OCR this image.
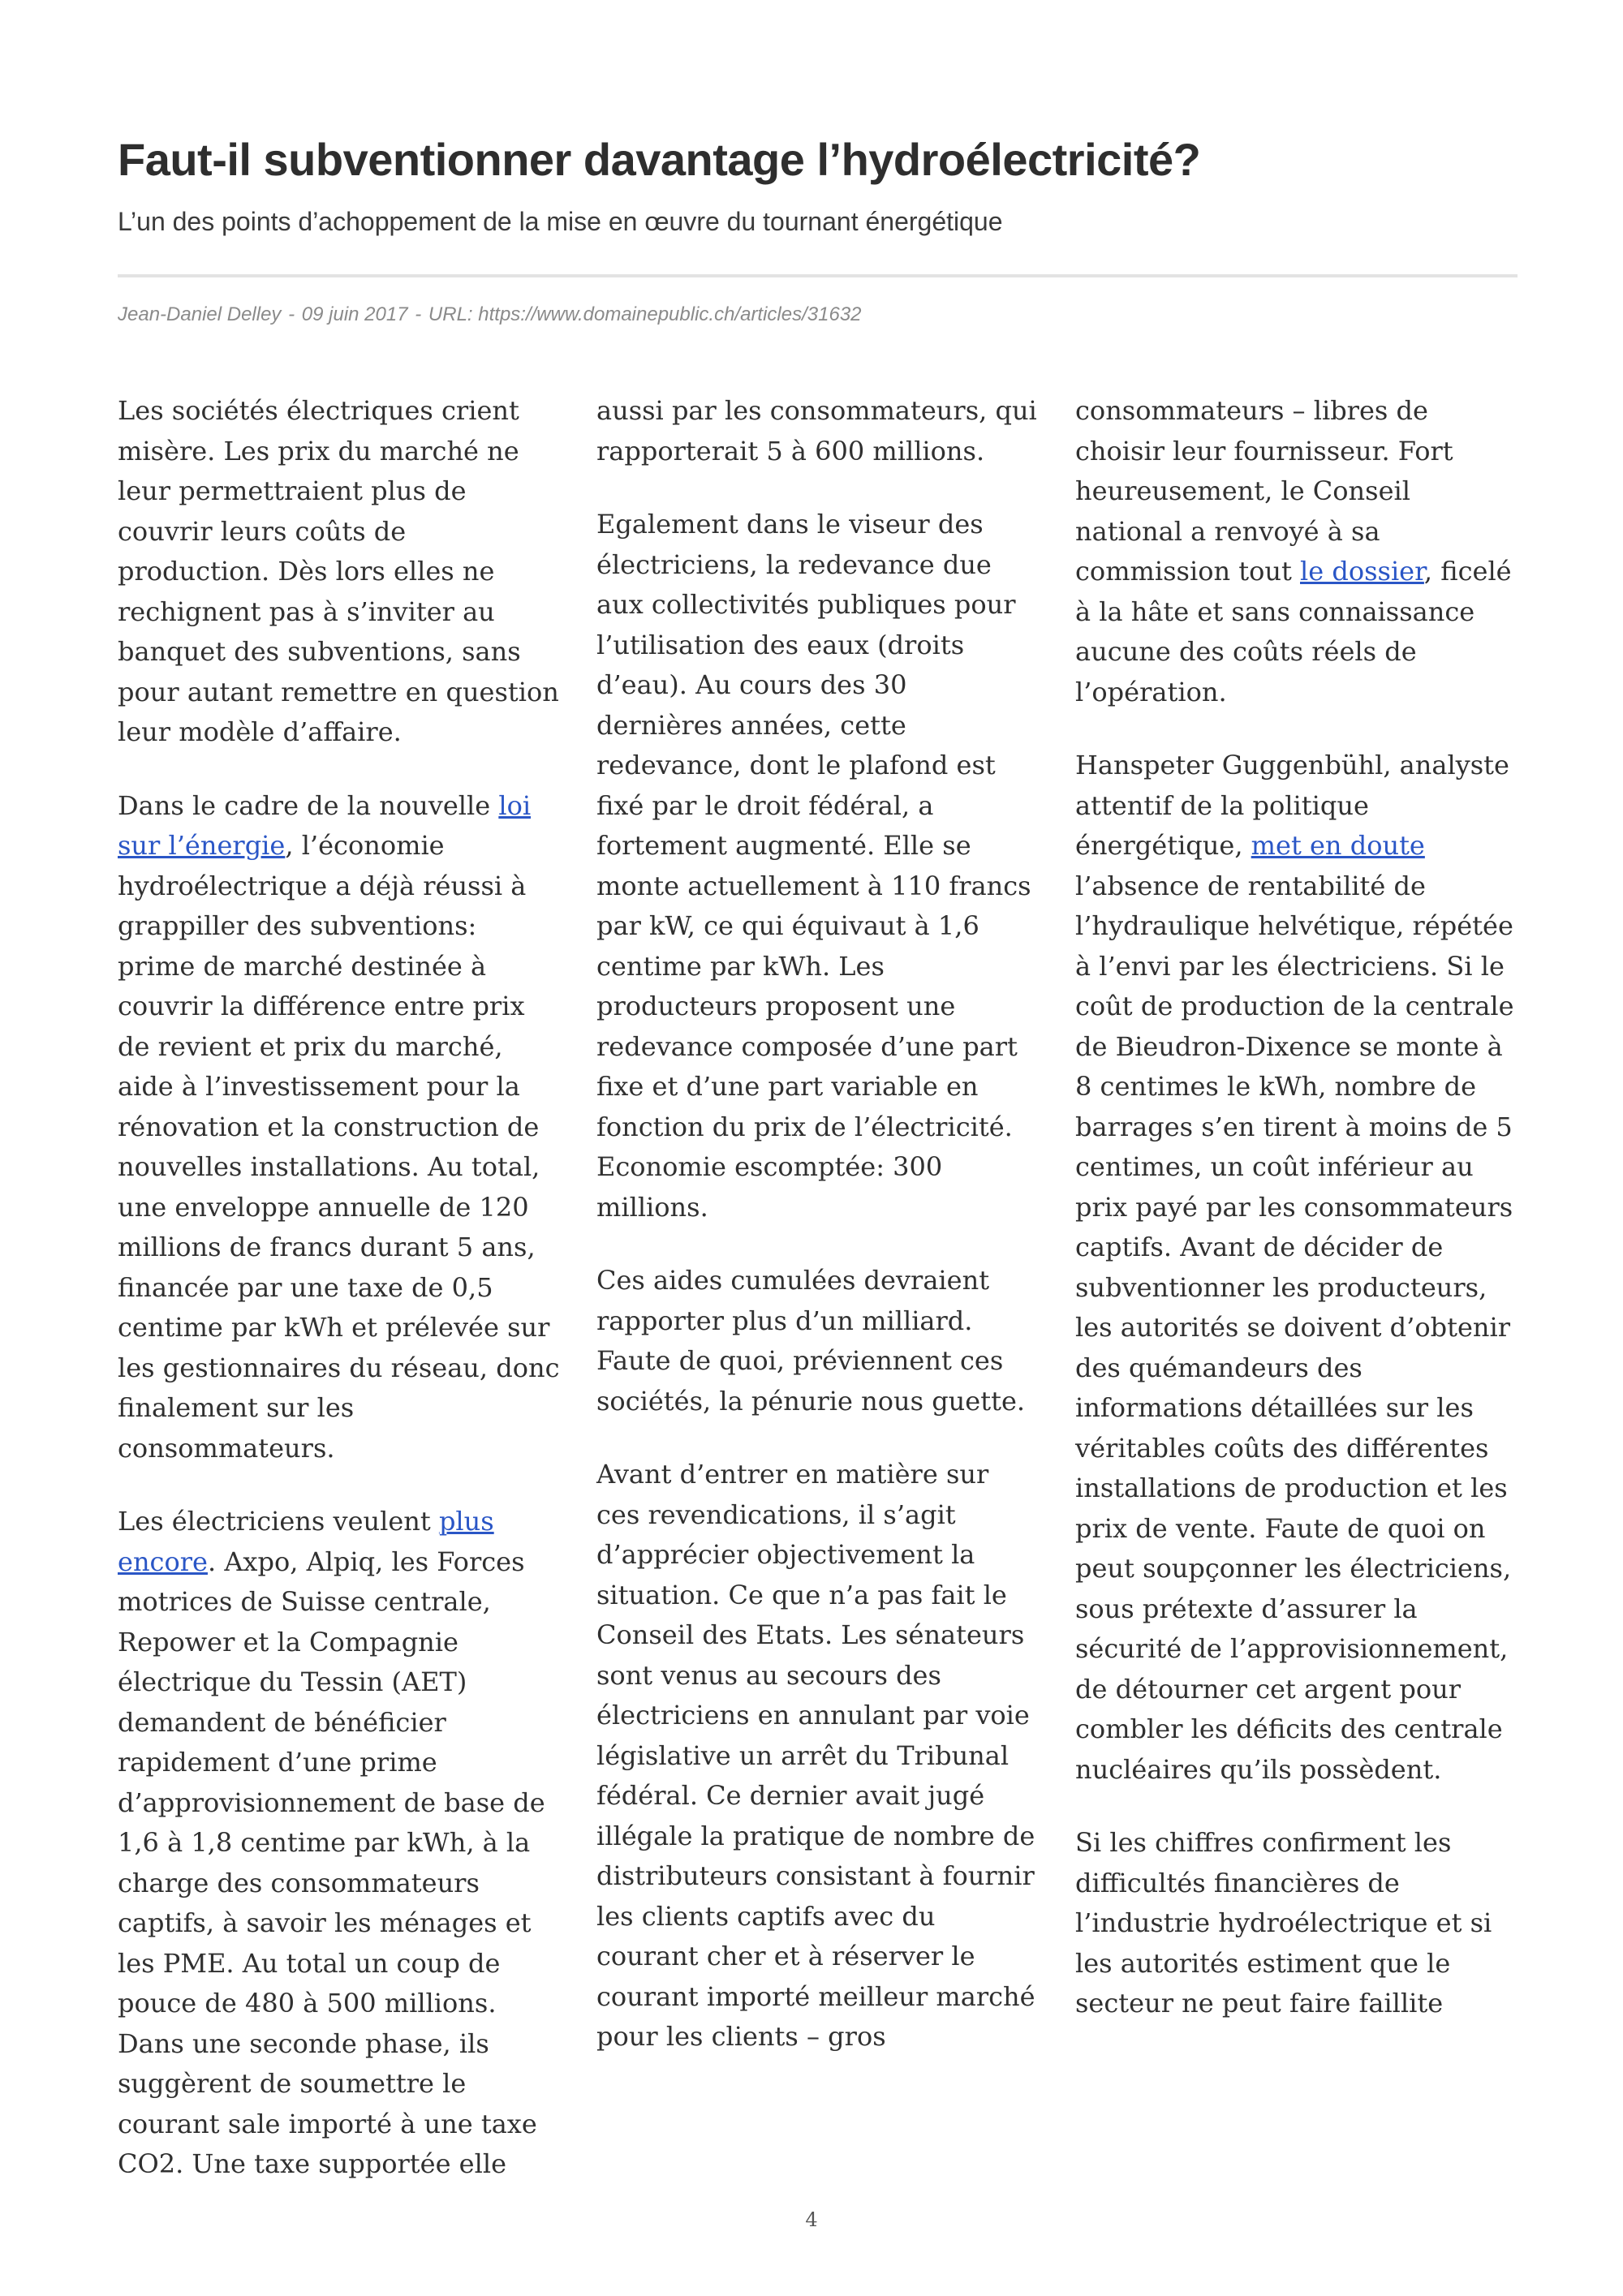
Faut-il subventionner davantage l’hydroélectricité?

L’un des points d’achoppement de la mise en œuvre du tournant énergétique

Jean-Daniel Delley - 09 juin 2017 - URL: https://www.domainepublic.ch/articles/31632

Les sociétés électriques crient misère. Les prix du marché ne leur permettraient plus de couvrir leurs coûts de production. Dès lors elles ne rechignent pas à s’inviter au banquet des subventions, sans pour autant remettre en question leur modèle d’affaire.

Dans le cadre de la nouvelle loi sur l’énergie, l’économie hydroélectrique a déjà réussi à grappiller des subventions: prime de marché destinée à couvrir la différence entre prix de revient et prix du marché, aide à l’investissement pour la rénovation et la construction de nouvelles installations. Au total, une enveloppe annuelle de 120 millions de francs durant 5 ans, financée par une taxe de 0,5 centime par kWh et prélevée sur les gestionnaires du réseau, donc finalement sur les consommateurs.

Les électriciens veulent plus encore. Axpo, Alpiq, les Forces motrices de Suisse centrale, Repower et la Compagnie électrique du Tessin (AET) demandent de bénéficier rapidement d’une prime d’approvisionnement de base de 1,6 à 1,8 centime par kWh, à la charge des consommateurs captifs, à savoir les ménages et les PME. Au total un coup de pouce de 480 à 500 millions. Dans une seconde phase, ils suggèrent de soumettre le courant sale importé à une taxe CO2. Une taxe supportée elle

aussi par les consommateurs, qui rapporterait 5 à 600 millions.

Egalement dans le viseur des électriciens, la redevance due aux collectivités publiques pour l’utilisation des eaux (droits d’eau). Au cours des 30 dernières années, cette redevance, dont le plafond est fixé par le droit fédéral, a fortement augmenté. Elle se monte actuellement à 110 francs par kW, ce qui équivaut à 1,6 centime par kWh. Les producteurs proposent une redevance composée d’une part fixe et d’une part variable en fonction du prix de l’électricité. Economie escomptée: 300 millions.

Ces aides cumulées devraient rapporter plus d’un milliard. Faute de quoi, préviennent ces sociétés, la pénurie nous guette.

Avant d’entrer en matière sur ces revendications, il s’agit d’apprécier objectivement la situation. Ce que n’a pas fait le Conseil des Etats. Les sénateurs sont venus au secours des électriciens en annulant par voie législative un arrêt du Tribunal fédéral. Ce dernier avait jugé illégale la pratique de nombre de distributeurs consistant à fournir les clients captifs avec du courant cher et à réserver le courant importé meilleur marché pour les clients – gros

consommateurs – libres de choisir leur fournisseur. Fort heureusement, le Conseil national a renvoyé à sa commission tout le dossier, ficelé à la hâte et sans connaissance aucune des coûts réels de l’opération.

Hanspeter Guggenbühl, analyste attentif de la politique énergétique, met en doute l’absence de rentabilité de l’hydraulique helvétique, répétée à l’envi par les électriciens. Si le coût de production de la centrale de Bieudron-Dixence se monte à 8 centimes le kWh, nombre de barrages s’en tirent à moins de 5 centimes, un coût inférieur au prix payé par les consommateurs captifs. Avant de décider de subventionner les producteurs, les autorités se doivent d’obtenir des quémandeurs des informations détaillées sur les véritables coûts des différentes installations de production et les prix de vente. Faute de quoi on peut soupçonner les électriciens, sous prétexte d’assurer la sécurité de l’approvisionnement, de détourner cet argent pour combler les déficits des centrale nucléaires qu’ils possèdent.

Si les chiffres confirment les difficultés financières de l’industrie hydroélectrique et si les autorités estiment que le secteur ne peut faire faillite

4
